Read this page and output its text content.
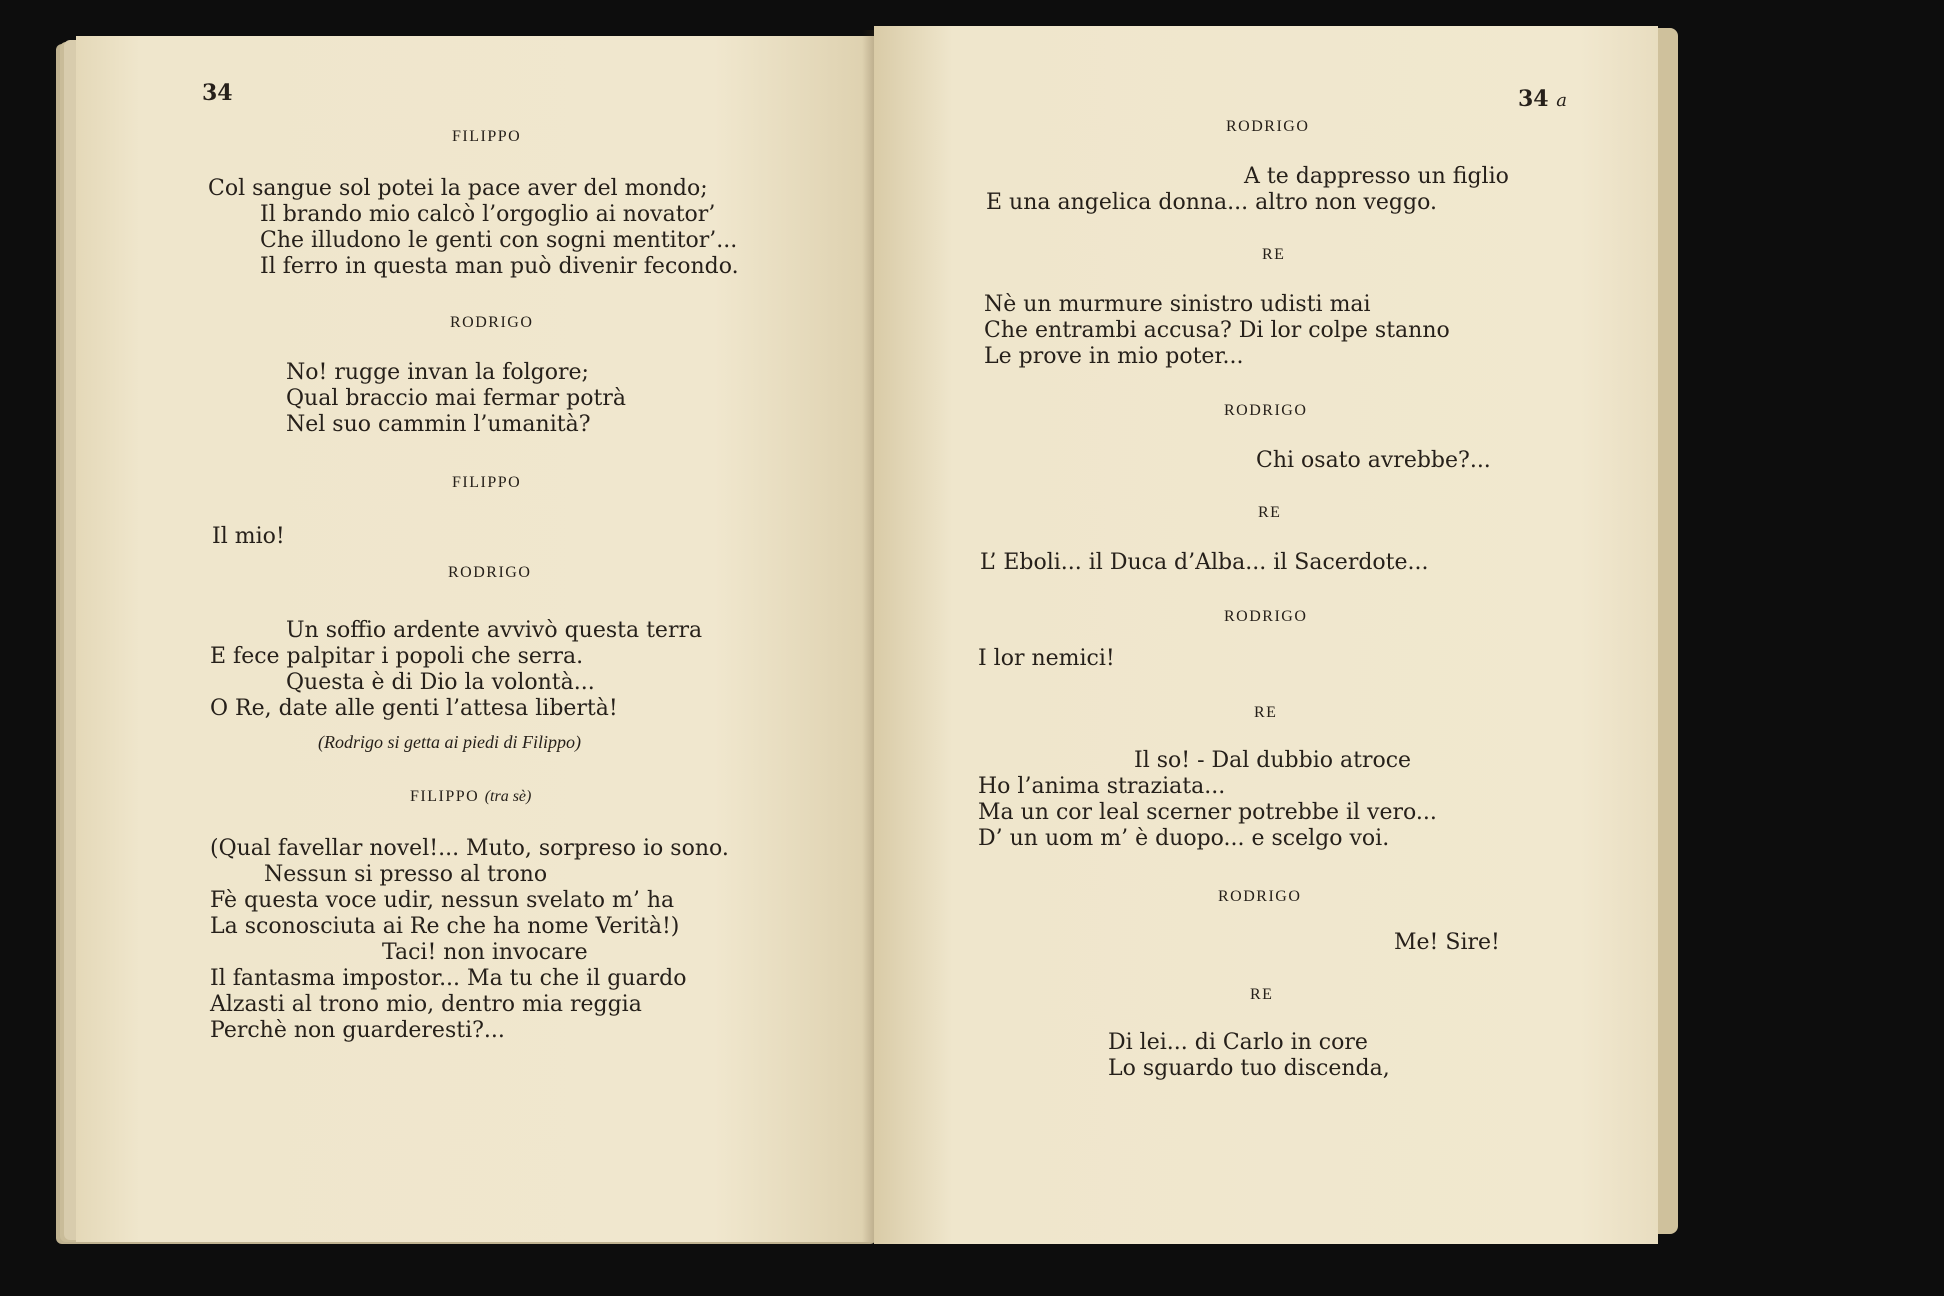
34
FILIPPO
Col sangue sol potei la pace aver del mondo;
Il brando mio calcò l’orgoglio ai novator’
Che illudono le genti con sogni mentitor’...
Il ferro in questa man può divenir fecondo.
RODRIGO
No! rugge invan la folgore;
Qual braccio mai fermar potrà
Nel suo cammin l’umanità?
FILIPPO
Il mio!
RODRIGO
Un soffio ardente avvivò questa terra
E fece palpitar i popoli che serra.
Questa è di Dio la volontà...
O Re, date alle genti l’attesa libertà!
(Rodrigo si getta ai piedi di Filippo)
FILIPPO (tra sè)
(Qual favellar novel!... Muto, sorpreso io sono.
Nessun si presso al trono
Fè questa voce udir, nessun svelato m’ ha
La sconosciuta ai Re che ha nome Verità!)
Taci! non invocare
Il fantasma impostor... Ma tu che il guardo
Alzasti al trono mio, dentro mia reggia
Perchè non guarderesti?...
34 a
RODRIGO
A te dappresso un figlio
E una angelica donna... altro non veggo.
RE
Nè un murmure sinistro udisti mai
Che entrambi accusa? Di lor colpe stanno
Le prove in mio poter...
RODRIGO
Chi osato avrebbe?...
RE
L’ Eboli... il Duca d’Alba... il Sacerdote...
RODRIGO
I lor nemici!
RE
Il so! - Dal dubbio atroce
Ho l’anima straziata...
Ma un cor leal scerner potrebbe il vero...
D’ un uom m’ è duopo... e scelgo voi.
RODRIGO
Me! Sire!
RE
Di lei... di Carlo in core
Lo sguardo tuo discenda,
